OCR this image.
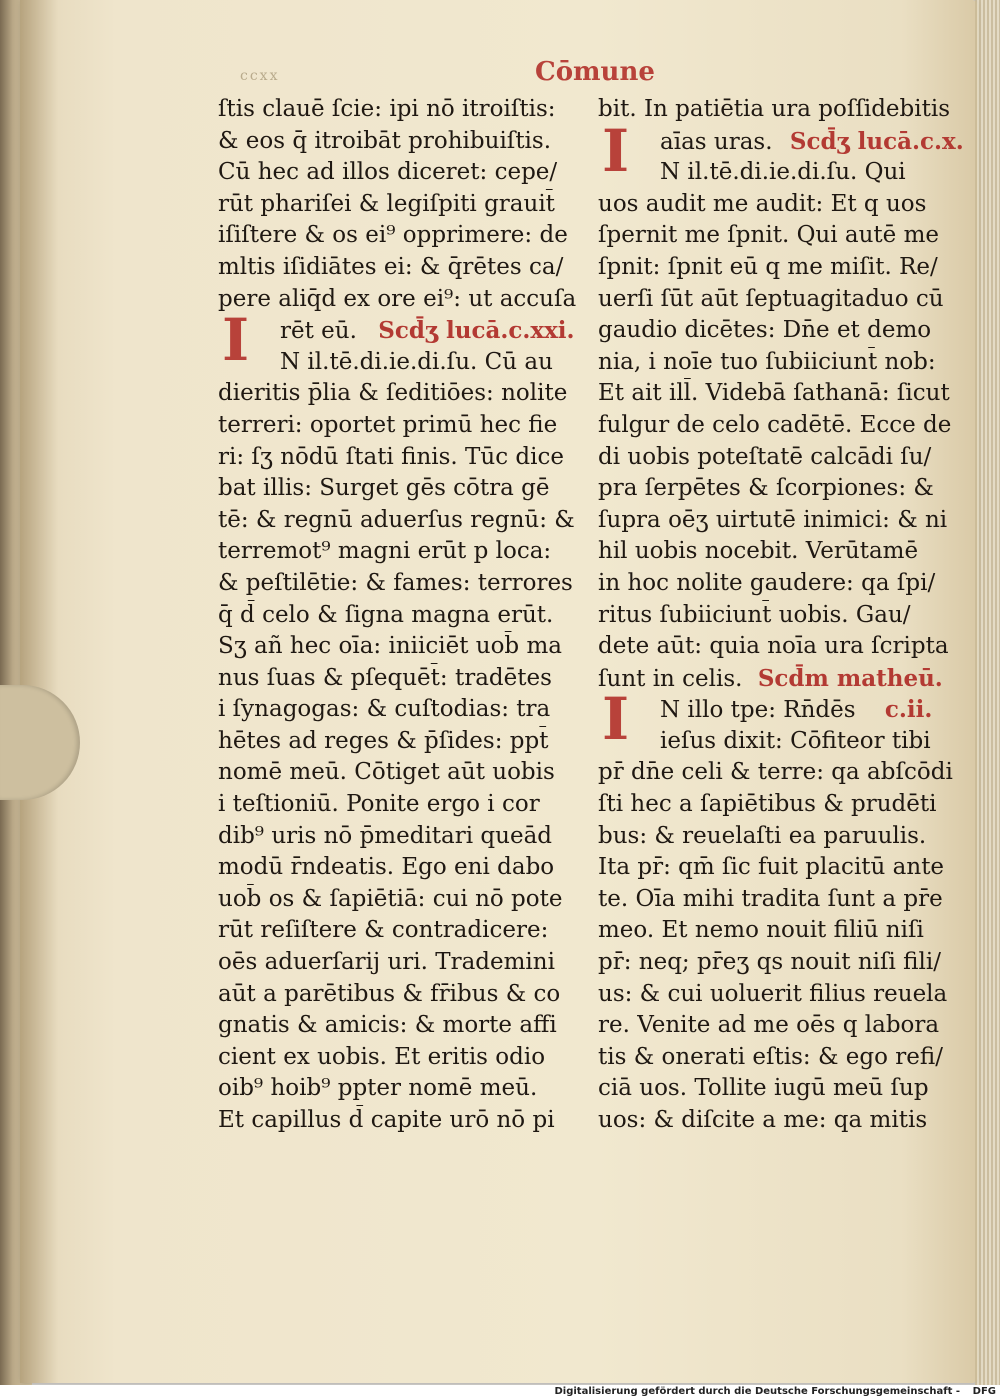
ccxx	Cōmune
ſtis clauē ſcie: ipi nō itroiſtis:
& eos q̄ itroibāt prohibuiſtis.
Cū hec ad illos diceret: cepe/
rūt phariſei & legiſpiti grauit̄
iſiſtere & os ei⁹ opprimere: de
mltis iſidiātes ei: & q̄rētes ca/
pere aliq̄d ex ore ei⁹: ut accuſa
I rēt eū. Scd̄ʒ lucā.c.xxi.
N il.tē.di.ie.di.ſu. Cū au
dieritis p̄lia & ſeditiōes: nolite
terreri: oportet primū hec fie
ri: ſʒ nōdū ſtati finis. Tūc dice
bat illis: Surget gēs cōtra gē
tē: & regnū aduerſus regnū: &
terremot⁹ magni erūt p loca:
& peſtilētie: & fames: terrores
q̄ d̄ celo & ſigna magna erūt.
Sʒ añ hec oīa: iniiciēt uob̄ ma
nus ſuas & pſequēt̄: tradētes
i ſynagogas: & cuſtodias: tra
hētes ad reges & p̄ſides: ppt̄
nomē meū. Cōtiget aūt uobis
i teſtioniū. Ponite ergo i cor
dib⁹ uris nō p̄meditari queād
modū r̄ndeatis. Ego eni dabo
uob̄ os & ſapiētiā: cui nō pote
rūt reſiſtere & contradicere:
oēs aduerſarij uri. Trademini
aūt a parētibus & fr̄ibus & co
gnatis & amicis: & morte affi
cient ex uobis. Et eritis odio
oib⁹ hoib⁹ ppter nomē meū.
Et capillus d̄ capite urō nō pi
bit. In patiētia ura poſſidebitis
I aīas uras. Scd̄ʒ lucā.c.x.
N il.tē.di.ie.di.ſu. Qui
uos audit me audit: Et q uos
ſpernit me ſpnit. Qui autē me
ſpnit: ſpnit eū q me miſit. Re/
uerſi ſūt aūt ſeptuagitaduo cū
gaudio dicētes: Dn̄e et demo
nia, i noīe tuo ſubiiciunt̄ nob:
Et ait ill̄. Videbā ſathanā: ſicut
fulgur de celo cadētē. Ecce de
di uobis poteſtatē calcādi ſu/
pra ſerpētes & ſcorpiones: &
ſupra oēʒ uirtutē inimici: & ni
hil uobis nocebit. Verūtamē
in hoc nolite gaudere: qa ſpi/
ritus ſubiiciunt̄ uobis. Gau/
dete aūt: quia noīa ura ſcripta
ſunt in celis. Scd̄m matheū.
I N illo tpe: Rn̄dēs c.ii.
ieſus dixit: Cōfiteor tibi
pr̄ dn̄e celi & terre: qa abſcōdi
ſti hec a ſapiētibus & prudēti
bus: & reuelaſti ea paruulis.
Ita pr̄: qm̄ ſic fuit placitū ante
te. Oīa mihi tradita ſunt a pr̄e
meo. Et nemo nouit filiū niſi
pr̄: neq; pr̄eʒ qs nouit niſi fili/
us: & cui uoluerit filius reuela
re. Venite ad me oēs q labora
tis & onerati eſtis: & ego refi/
ciā uos. Tollite iugū meū ſup
uos: & diſcite a me: qa mitis
Digitalisierung gefördert durch die Deutsche Forschungsgemeinschaft - DFG
